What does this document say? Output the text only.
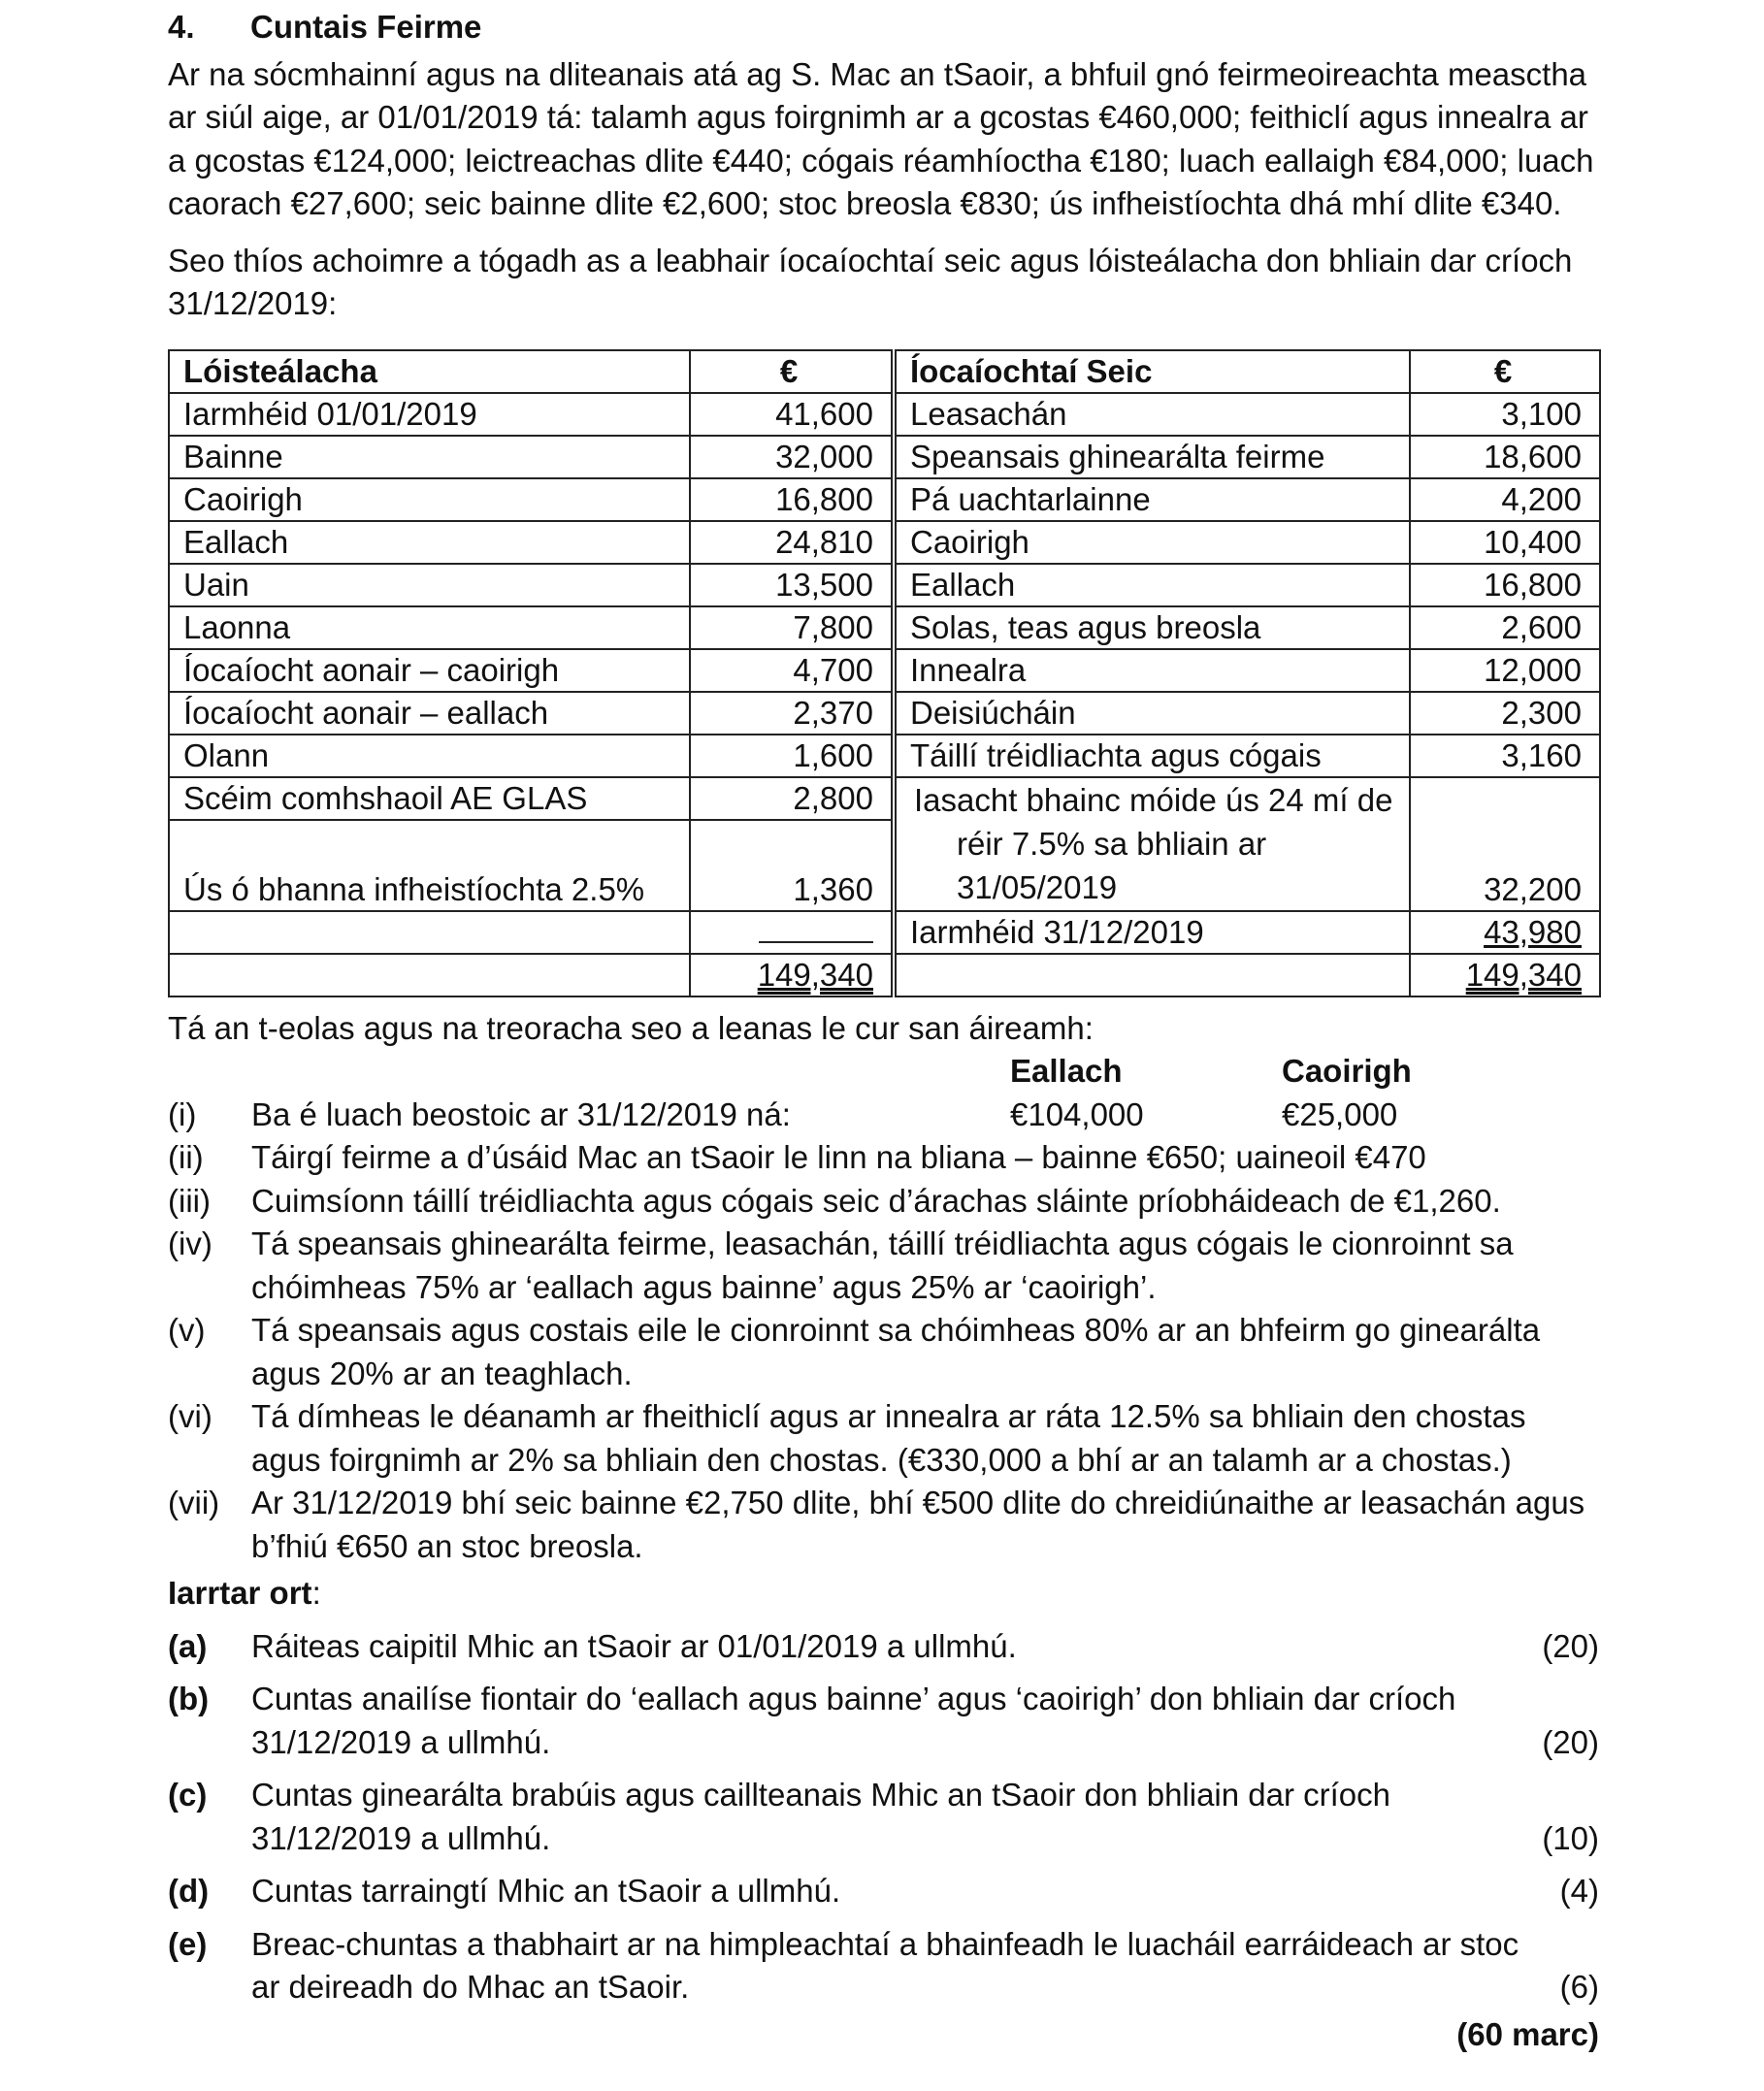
4.	Cuntais Feirme

Ar na sócmhainní agus na dliteanais atá ag S. Mac an tSaoir, a bhfuil gnó feirmeoireachta measctha ar siúl aige, ar 01/01/2019 tá: talamh agus foirgnimh ar a gcostas €460,000; feithiclí agus innealra ar a gcostas €124,000; leictreachas dlite €440; cógais réamhíoctha €180; luach eallaigh €84,000; luach caorach €27,600; seic bainne dlite €2,600; stoc breosla €830; ús infheistíochta dhá mhí dlite €340.

Seo thíos achoimre a tógadh as a leabhair íocaíochtaí seic agus lóisteálacha don bhliain dar críoch 31/12/2019:

Lóisteálacha	€	Íocaíochtaí Seic	€
Iarmhéid 01/01/2019	41,600	Leasachán	3,100
Bainne	32,000	Speansais ghinearálta feirme	18,600
Caoirigh	16,800	Pá uachtarlainne	4,200
Eallach	24,810	Caoirigh	10,400
Uain	13,500	Eallach	16,800
Laonna	7,800	Solas, teas agus breosla	2,600
Íocaíocht aonair – caoirigh	4,700	Innealra	12,000
Íocaíocht aonair – eallach	2,370	Deisiúcháin	2,300
Olann	1,600	Táillí tréidliachta agus cógais	3,160
Scéim comhshaoil AE GLAS	2,800	Iasacht bhainc móide ús 24 mí de
réir 7.5% sa bhliain ar
31/05/2019	32,200
Ús ó bhanna infheistíochta 2.5%	1,360		
		Iarmhéid 31/12/2019	43,980
	149,340		149,340

Tá an t-eolas agus na treoracha seo a leanas le cur san áireamh:

Eallach	Caoirigh
(i)	Ba é luach beostoic ar 31/12/2019 ná:	€104,000	€25,000
(ii)	Táirgí feirme a d’úsáid Mac an tSaoir le linn na bliana – bainne €650; uaineoil €470
(iii)	Cuimsíonn táillí tréidliachta agus cógais seic d’árachas sláinte príobháideach de €1,260.
(iv)	Tá speansais ghinearálta feirme, leasachán, táillí tréidliachta agus cógais le cionroinnt sa chóimheas 75% ar ‘eallach agus bainne’ agus 25% ar ‘caoirigh’.
(v)	Tá speansais agus costais eile le cionroinnt sa chóimheas 80% ar an bhfeirm go ginearálta agus 20% ar an teaghlach.
(vi)	Tá dímheas le déanamh ar fheithiclí agus ar innealra ar ráta 12.5% sa bhliain den chostas agus foirgnimh ar 2% sa bhliain den chostas. (€330,000 a bhí ar an talamh ar a chostas.)
(vii) Ar 31/12/2019 bhí seic bainne €2,750 dlite, bhí €500 dlite do chreidiúnaithe ar leasachán agus b’fhiú €650 an stoc breosla.
Iarrtar ort:
(a)	Ráiteas caipitil Mhic an tSaoir ar 01/01/2019 a ullmhú.	(20)
(b)	Cuntas anailíse fiontair do ‘eallach agus bainne’ agus ‘caoirigh’ don bhliain dar críoch
31/12/2019 a ullmhú.	(20)
(c)	Cuntas ginearálta brabúis agus caillteanais Mhic an tSaoir don bhliain dar críoch
31/12/2019 a ullmhú.	(10)
(d)	Cuntas tarraingtí Mhic an tSaoir a ullmhú.	(4)
(e)	Breac-chuntas a thabhairt ar na himpleachtaí a bhainfeadh le luacháil earráideach ar stoc
ar deireadh do Mhac an tSaoir.	(6)
(60 marc)
